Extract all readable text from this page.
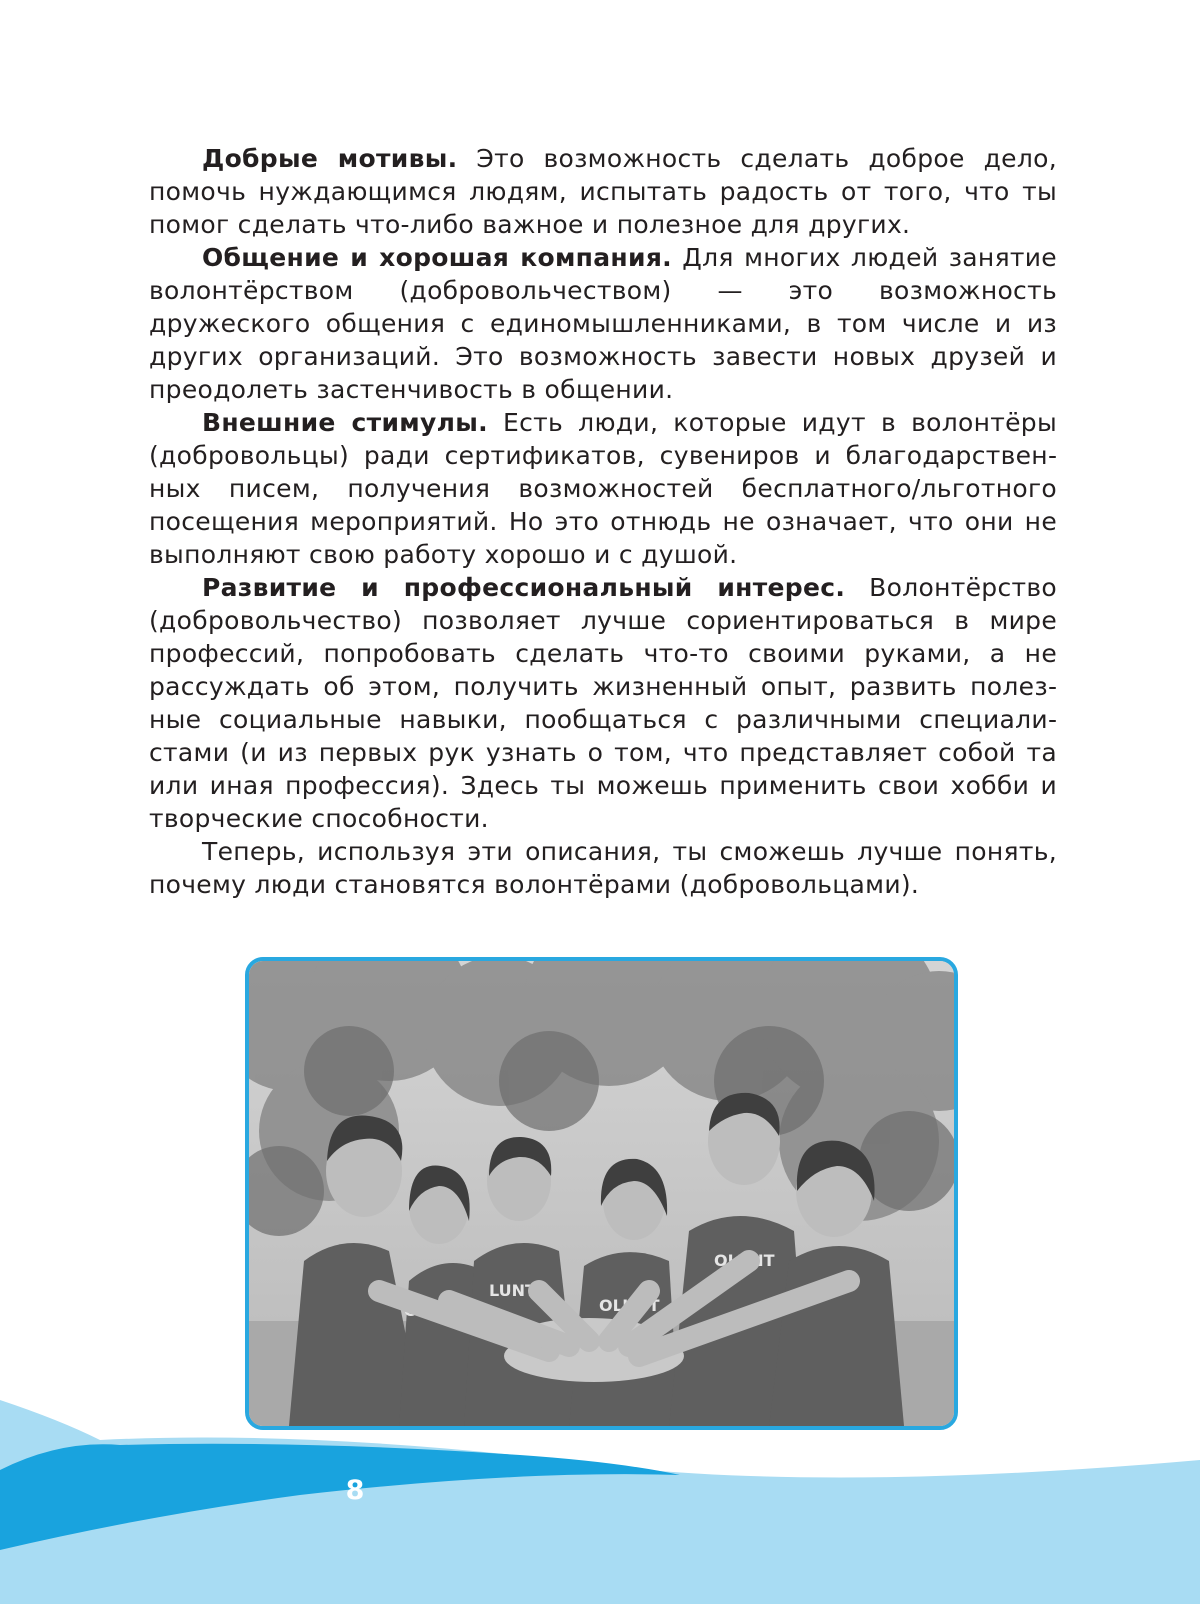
Добрые мотивы. Это возможность сделать доброе дело, помочь нуждающимся людям, испытать радость от того, что ты помог сделать что-либо важное и полезное для других.

Общение и хорошая компания. Для многих людей занятие волонтёрством (добровольчеством) — это возможность дружеского общения с единомышленниками, в том числе и из других организаций. Это возможность завести новых друзей и преодолеть застенчивость в общении.

Внешние стимулы. Есть люди, которые идут в волонтёры (добровольцы) ради сертификатов, сувениров и благодарственных писем, получения возможностей бесплатного/льготного посещения мероприятий. Но это отнюдь не означает, что они не выполняют свою работу хорошо и с душой.

Развитие и профессиональный интерес. Волонтёрство (добровольчество) позволяет лучше сориентироваться в мире профессий, попробовать сделать что-то своими руками, а не рассуждать об этом, получить жизненный опыт, развить полезные социальные навыки, пообщаться с различными специалистами (и из первых рук узнать о том, что представляет собой та или иная профессия). Здесь ты можешь применить свои хобби и творческие способности.

Теперь, используя эти описания, ты сможешь лучше понять, почему люди становятся волонтёрами (добровольцами).

OLUNT
LUNTE
OLUNT
OLUNT
8
